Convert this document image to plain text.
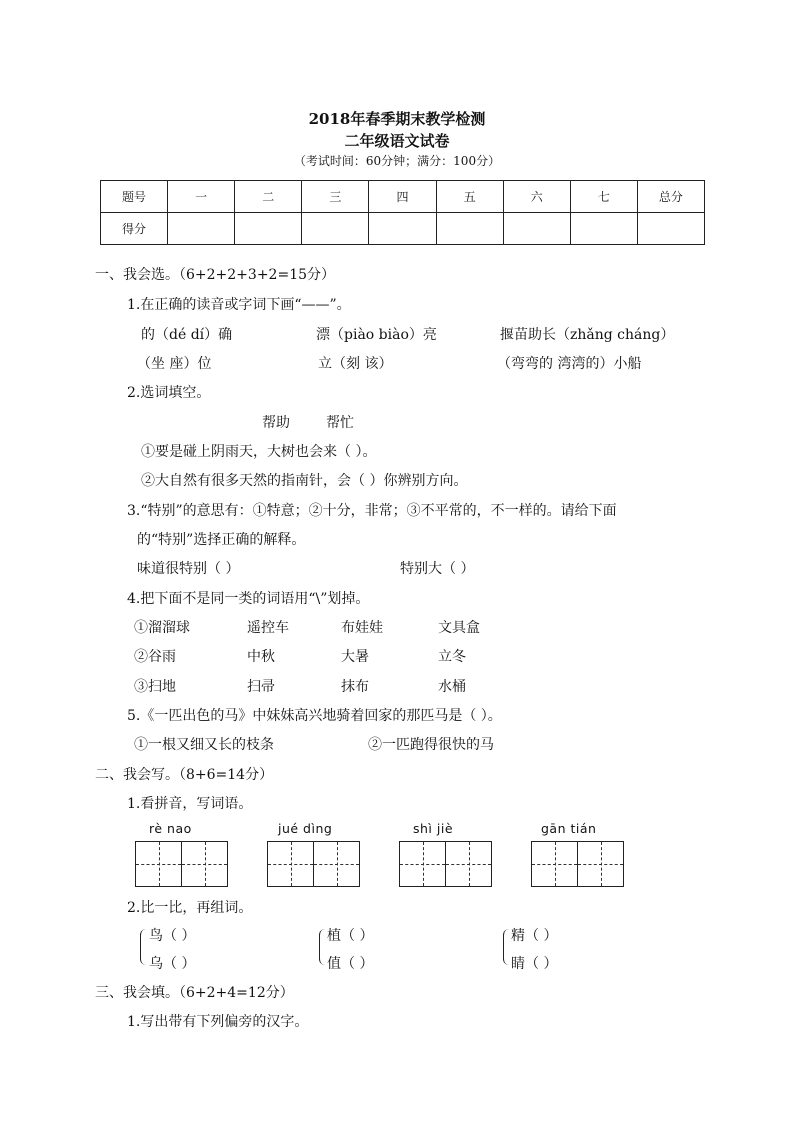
2018年春季期末教学检测
二年级语文试卷
（考试时间：60分钟；满分：100分）
题号	一	二	三	四	五	六	七	总分
得分								
一、我会选。（6+2+2+3+2=15分）
1.在正确的读音或字词下画“——”。
的（dé dí）确	漂（piào biào）亮	揠苗助长（zhǎng cháng）
（坐 座）位	立（刻 该）	（弯弯的 湾湾的）小船
2.选词填空。
帮助	帮忙
①要是碰上阴雨天，大树也会来（ ）。
②大自然有很多天然的指南针，会（ ）你辨别方向。
3.“特别”的意思有：①特意；②十分，非常；③不平常的，不一样的。请给下面
的“特别”选择正确的解释。
味道很特别（ ）	特别大（ ）
4.把下面不是同一类的词语用“\”划掉。
①溜溜球	遥控车	布娃娃	文具盒
②谷雨	中秋	大暑	立冬
③扫地	扫帚	抹布	水桶
5.《一匹出色的马》中妹妹高兴地骑着回家的那匹马是（ ）。
①一根又细又长的枝条	②一匹跑得很快的马
二、我会写。（8+6=14分）
1.看拼音，写词语。
rè nao	jué dìng	shì jiè	gān tián
2.比一比，再组词。
鸟（ ）
乌（ ）
植（ ）
值（ ）
精（ ）
睛（ ）
三、我会填。（6+2+4=12分）
1.写出带有下列偏旁的汉字。
